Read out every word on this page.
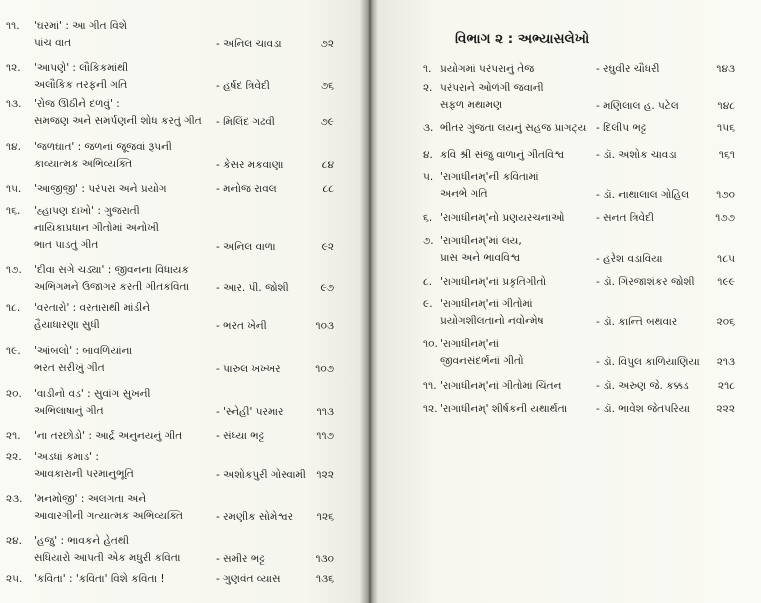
વિભાગ ૨ : અભ્યાસલેખો
૧૧. 'ઘરમાં' : આ ગીત વિશે
પાંચ વાત	- અનિલ ચાવડા	૭૨
૧૨. 'આપણે' : લૌકિકમાંથી
અલૌકિક તરફની ગતિ	- હર્ષદ ત્રિવેદી	૭૬
૧૩. 'રોજ ઊઠીને દળવું' :
સમજણ અને સમર્પણની શોધ કરતું ગીત - મિલિંદ ગઢવી	૭૯
૧૪. 'જળઘાત' : જળનાં જૂજવાં રૂપની
કાવ્યાત્મક અભિવ્યક્તિ	- કેસર મકવાણા	૮૪
૧૫. 'આજીજી' : પરંપરા અને પ્રયોગ	- મનોજ રાવલ	૮૮
૧૬. 'હ્હાપણ દાખો' : ગુજરાતી
નાયિકાપ્રધાન ગીતોમાં અનોખી
ભાત પાડતું ગીત	- અનિલ વાળા	૯૨
૧૭. 'દીવા સગે ચડ્યા' : જીવનના વિધાયક
અભિગમને ઉજાગર કરતી ગીતકવિતા	- આર. પી. જોશી	૯૭
૧૮. 'વરતારો' : વરતારાથી માંડીને
હૈયાધારણા સુધી	- ભરત ખેની	૧૦૩
૧૯. 'આંબલો' : બાવળિયાંના
ભરત સરીખું ગીત	- પારુલ ખખ્ખર	૧૦૭
૨૦. 'વાડીનો વડ' : સુવાંગ સુખની
અભિલાષાનું ગીત	- 'સ્નેહી' પરમાર	૧૧૩
૨૧. 'ના તરછોડો' : આર્દ્ર અનુનયનું ગીત	- સંધ્યા ભટ્ટ	૧૧૭
૨૨. 'અડધાં કમાડ' :
આવકારાની પરમાનુભૂતિ	- અશોકપુરી ગોસ્વામી	૧૨૨
૨૩. 'મનમોજી' : અલગતા અને
આવારગીની ગત્યાત્મક અભિવ્યક્તિ	- રમણીક સોમેશ્વર	૧૨૬
૨૪. 'હજુ' : ભાવકને હેતથી
સધિયારો આપતી એક મધુરી કવિતા	- સમીર ભટ્ટ	૧૩૦
૨૫. 'કવિતા' : 'કવિતા' વિશે કવિતા !	- ગુણવંત વ્યાસ	૧૩૬
૧. પ્રયોગમાં પરંપરાનું તેજ	- રઘુવીર ચૌધરી	૧૪૩
૨. પરંપરાને ઓળંગી જવાની
સફળ મથામણ	- મણિલાલ હ. પટેલ	૧૪૮
૩. ભીતર ગુંજતા લયનું સહજ પ્રાગટ્ય - દિલીપ ભટ્ટ	૧૫૬
૪. કવિ શ્રી સંજુ વાળાનું ગીતવિશ્વ	- ડૉ. અશોક ચાવડા	૧૬૧
૫. 'રાગાધીનમ્'ની કવિતામાં
અનભે ગતિ	- ડૉ. નાથાલાલ ગોહિલ	૧૭૦
૬. 'રાગાધીનમ્'નો પ્રણયરચનાઓ	- સનત ત્રિવેદી	૧૭૭
૭. 'રાગાધીનમ્'માં લય,
પ્રાસ અને ભાવવિશ્વ	- હરેશ વડાવિયા	૧૮૫
૮. 'રાગાધીનમ્'નાં પ્રકૃતિગીતો	- ડૉ. ગિરજાશંકર જોશી	૧૯૯
૯. 'રાગાધીનમ્'નાં ગીતોમાં
પ્રયોગશીલતાનો નવોન્મેષ	- ડૉ. કાન્તિ બથવાર	૨૦૬
૧૦. 'રાગાધીનમ્'નાં
જીવનસંદર્ભનાં ગીતો	- ડૉ. વિપુલ કાળિયાણિયા	૨૧૩
૧૧. 'રાગાધીનમ્'નાં ગીતોમાં ચિંતન	- ડૉ. અરુણ જે. કક્કડ	૨૧૮
૧૨. 'રાગાધીનમ્' શીર્ષકની યથાર્થતા	- ડૉ. ભાવેશ જેતપરિયા	૨૨૨
